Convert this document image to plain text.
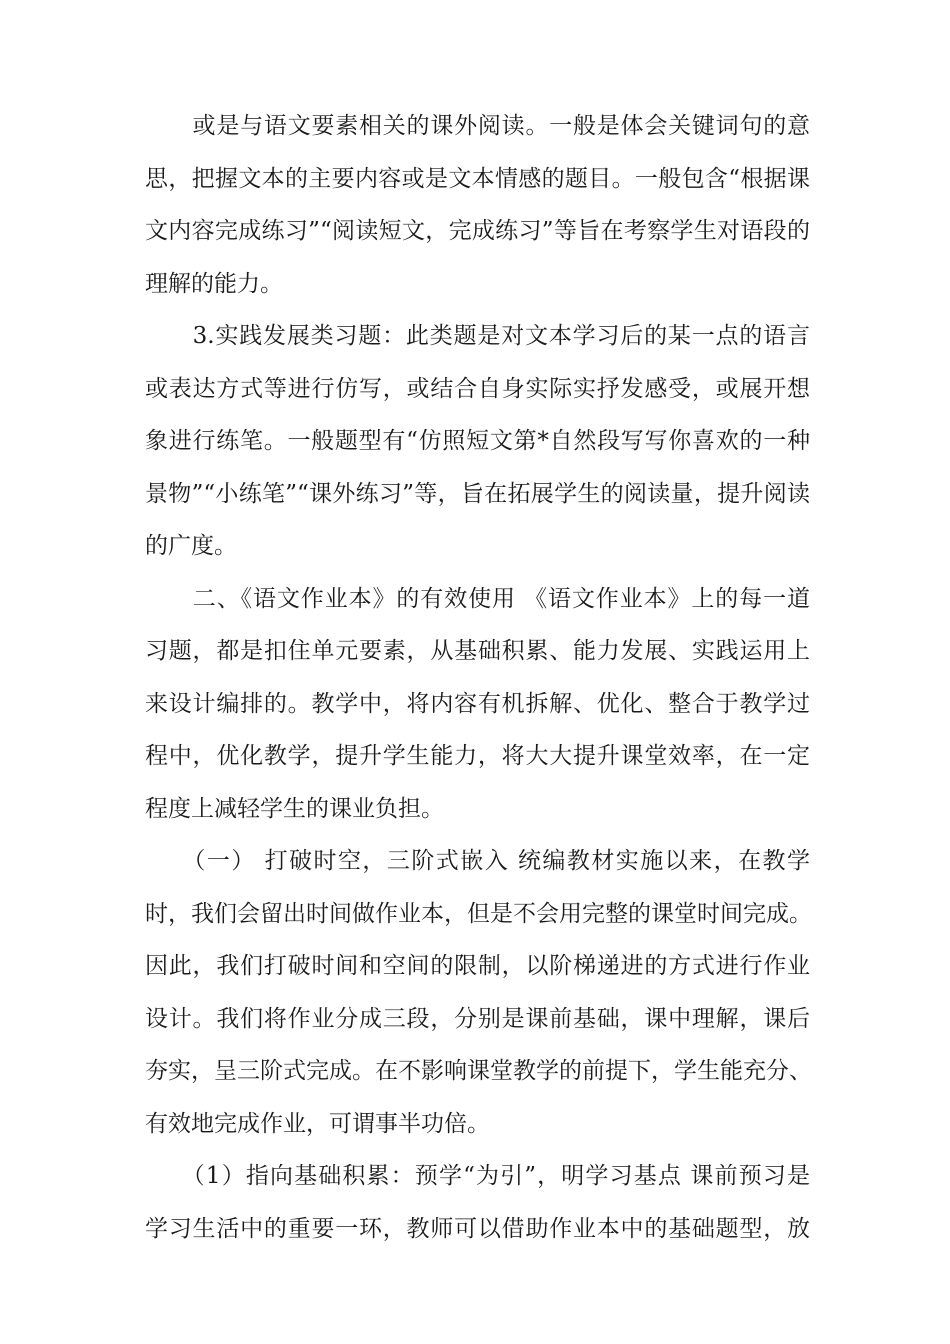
　　或是与语文要素相关的课外阅读。一般是体会关键词句的意
思，把握文本的主要内容或是文本情感的题目。一般包含“根据课
文内容完成练习”“阅读短文，完成练习”等旨在考察学生对语段的
理解的能力。
　　3.实践发展类习题：此类题是对文本学习后的某一点的语言
或表达方式等进行仿写，或结合自身实际实抒发感受，或展开想
象进行练笔。一般题型有“仿照短文第*自然段写写你喜欢的一种
景物”“小练笔”“课外练习”等，旨在拓展学生的阅读量，提升阅读
的广度。
　　二、《语文作业本》的有效使用 《语文作业本》上的每一道
习题，都是扣住单元要素，从基础积累、能力发展、实践运用上
来设计编排的。教学中，将内容有机拆解、优化、整合于教学过
程中，优化教学，提升学生能力，将大大提升课堂效率，在一定
程度上减轻学生的课业负担。
　　（一） 打破时空，三阶式嵌入 统编教材实施以来，在教学
时，我们会留出时间做作业本，但是不会用完整的课堂时间完成。
因此，我们打破时间和空间的限制，以阶梯递进的方式进行作业
设计。我们将作业分成三段，分别是课前基础，课中理解，课后
夯实，呈三阶式完成。在不影响课堂教学的前提下，学生能充分、
有效地完成作业，可谓事半功倍。
　　（1）指向基础积累：预学“为引”，明学习基点 课前预习是
学习生活中的重要一环，教师可以借助作业本中的基础题型，放
